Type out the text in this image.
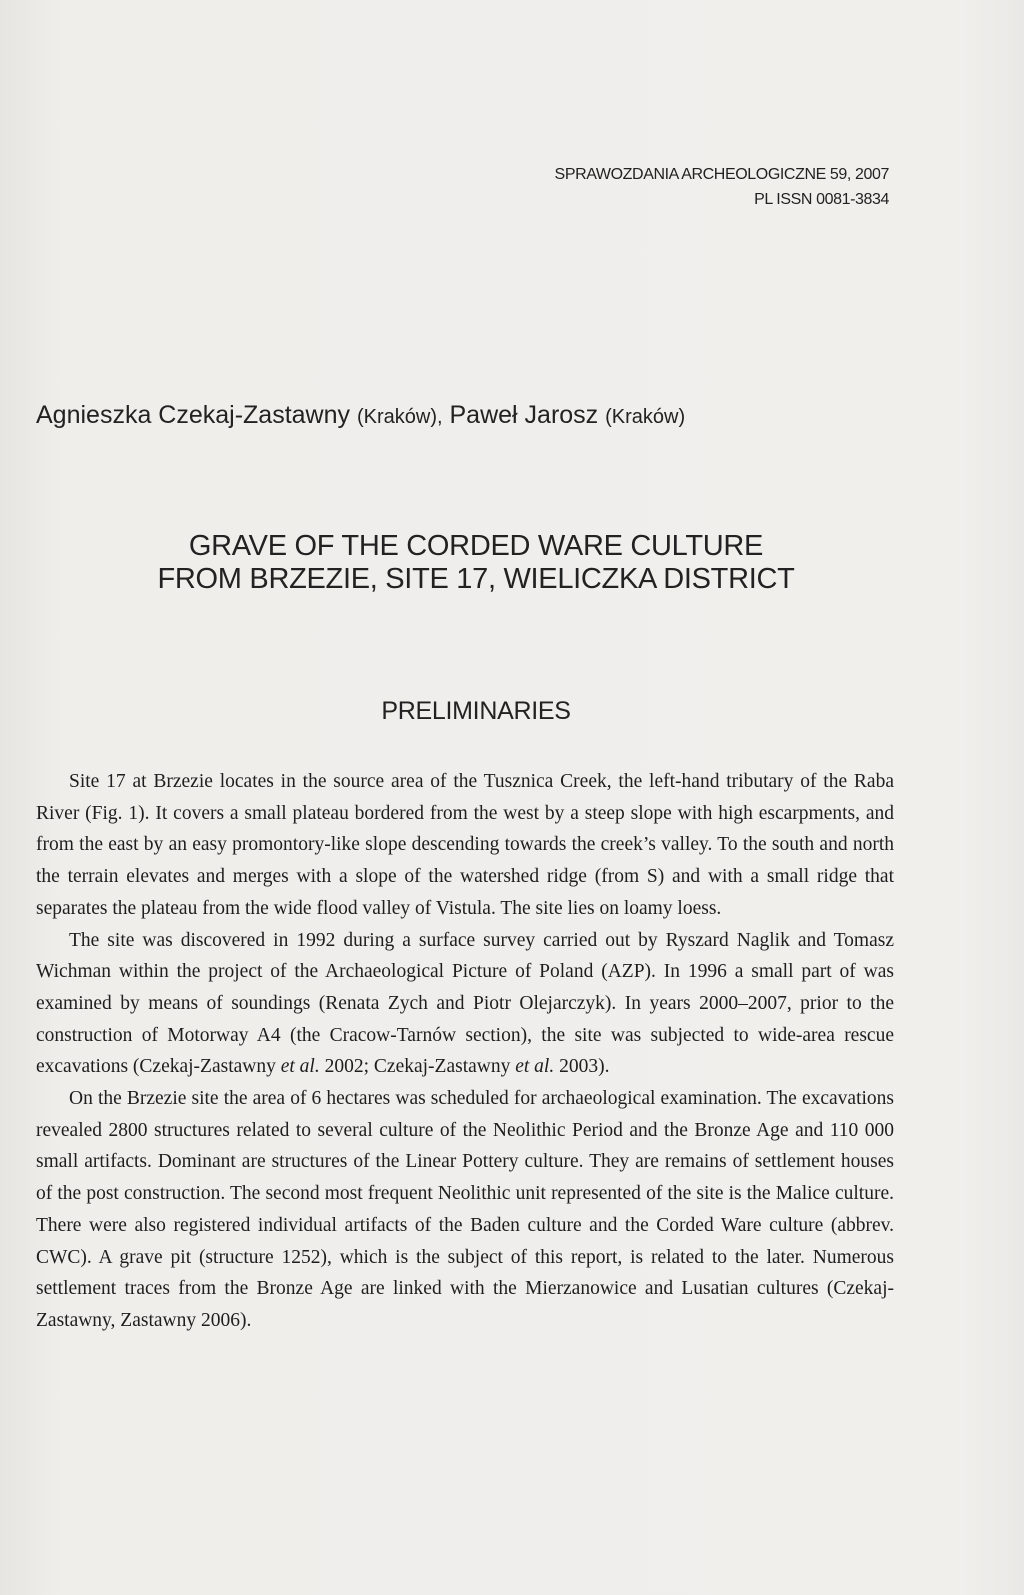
SPRAWOZDANIA ARCHEOLOGICZNE 59, 2007
PL ISSN 0081-3834
Agnieszka Czekaj-Zastawny (Kraków), Paweł Jarosz (Kraków)
GRAVE OF THE CORDED WARE CULTURE
FROM BRZEZIE, SITE 17, WIELICZKA DISTRICT
PRELIMINARIES

Site 17 at Brzezie locates in the source area of the Tusznica Creek, the left-hand tributary of the Raba River (Fig. 1). It covers a small plateau bordered from the west by a steep slope with high escarpments, and from the east by an easy promontory-like slope descending towards the creek’s valley. To the south and north the terrain elevates and merges with a slope of the watershed ridge (from S) and with a small ridge that separates the plateau from the wide flood valley of Vistula. The site lies on loamy loess.

The site was discovered in 1992 during a surface survey carried out by Ryszard Naglik and Tomasz Wichman within the project of the Archaeological Picture of Poland (AZP). In 1996 a small part of was examined by means of soundings (Renata Zych and Piotr Olejarczyk). In years 2000–2007, prior to the construction of Motorway A4 (the Cracow-Tarnów section), the site was subjected to wide-area rescue excavations (Czekaj-Zastawny et al. 2002; Czekaj-Zastawny et al. 2003).

On the Brzezie site the area of 6 hectares was scheduled for archaeological examination. The excavations revealed 2800 structures related to several culture of the Neolithic Period and the Bronze Age and 110 000 small artifacts. Dominant are structures of the Linear Pottery culture. They are remains of settlement houses of the post construction. The second most frequent Neolithic unit represented of the site is the Malice culture. There were also registered individual artifacts of the Baden culture and the Corded Ware culture (abbrev. CWC). A grave pit (structure 1252), which is the subject of this report, is related to the later. Numerous settlement traces from the Bronze Age are linked with the Mierzanowice and Lusatian cultures (Czekaj-Zastawny, Zastawny 2006).
